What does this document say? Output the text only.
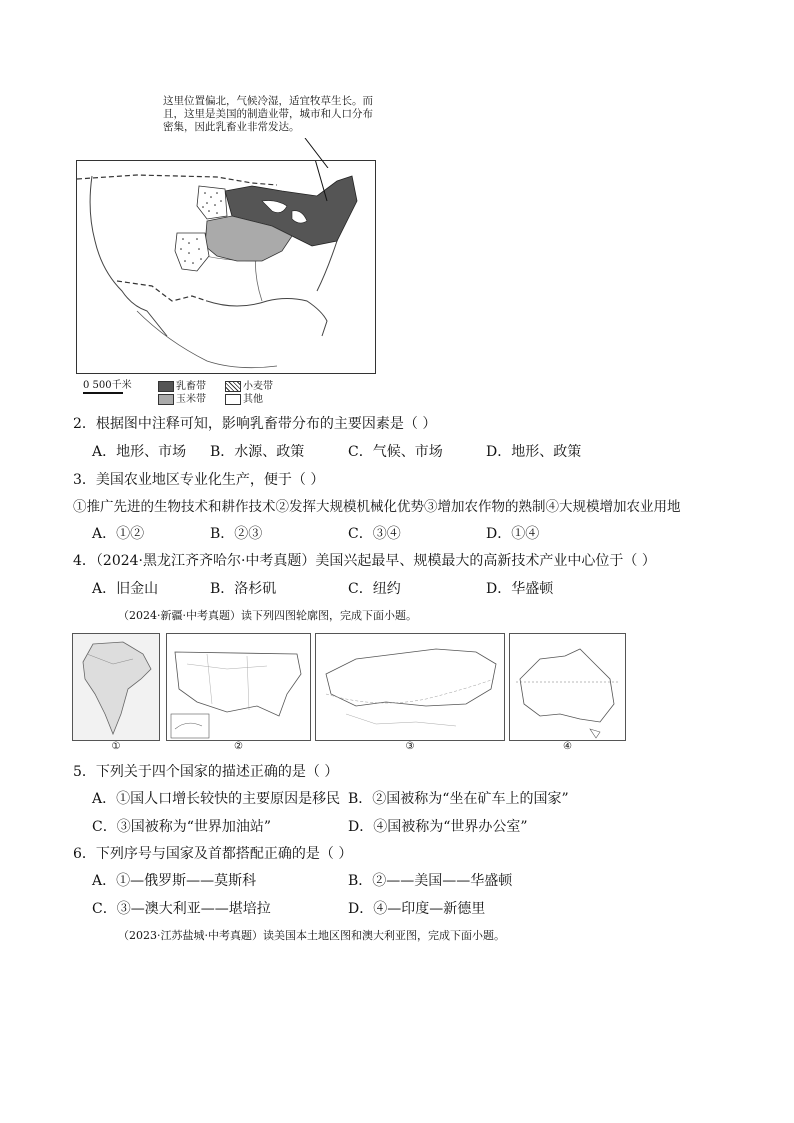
这里位置偏北，气候冷湿，适宜牧草生长。而且，这里是美国的制造业带，城市和人口分布密集，因此乳畜业非常发达。
0 500千米	乳畜带	小麦带
玉米带	其他
2．根据图中注释可知，影响乳畜带分布的主要因素是（ ）
A．地形、市场 B．水源、政策	C．气候、市场	D．地形、政策
3．美国农业地区专业化生产，便于（ ）
①推广先进的生物技术和耕作技术②发挥大规模机械化优势③增加农作物的熟制④大规模增加农业用地
A．①②	B．②③	C．③④	D．①④
4．（2024·黑龙江齐齐哈尔·中考真题）美国兴起最早、规模最大的高新技术产业中心位于（ ）
A．旧金山	B．洛杉矶	C．纽约	D．华盛顿
（2024·新疆·中考真题）读下列四图轮廓图，完成下面小题。
①	②	③	④
5．下列关于四个国家的描述正确的是（ ）
A．①国人口增长较快的主要原因是移民 B．②国被称为“坐在矿车上的国家”
C．③国被称为“世界加油站”	D．④国被称为“世界办公室”
6．下列序号与国家及首都搭配正确的是（ ）
A．①—俄罗斯——莫斯科	B．②——美国——华盛顿
C．③—澳大利亚——堪培拉	D．④—印度—新德里
（2023·江苏盐城·中考真题）读美国本土地区图和澳大利亚图，完成下面小题。
